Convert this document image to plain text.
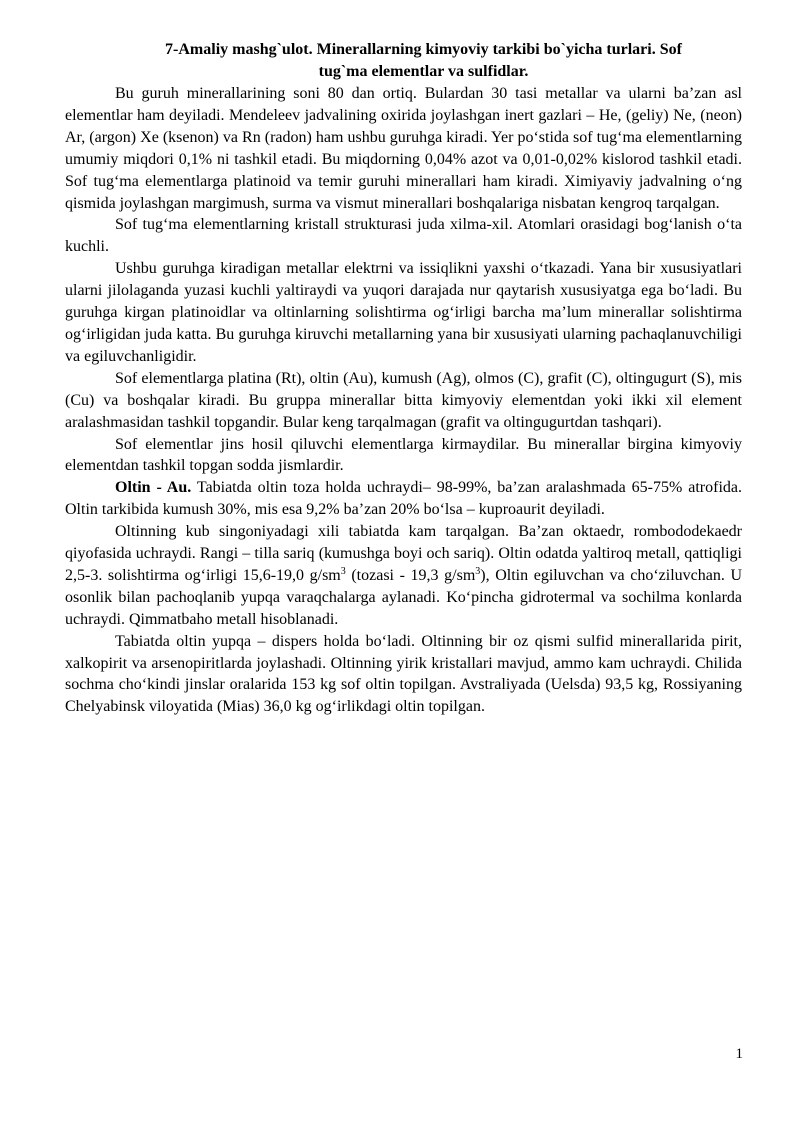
7-Amaliy mashg`ulot. Minerallarning kimyoviy tarkibi bo`yicha turlari. Sof
tug`ma elementlar va sulfidlar.

Bu guruh minerallarining soni 80 dan ortiq. Bulardan 30 tasi metallar va ularni ba’zan asl elementlar ham deyiladi. Mendeleev jadvalining oxirida joylashgan inert gazlari – He, (geliy) Ne, (neon) Ar, (argon) Xe (ksenon) va Rn (radon) ham ushbu guruhga kiradi. Yer po‘stida sof tug‘ma elementlarning umumiy miqdori 0,1% ni tashkil etadi. Bu miqdorning 0,04% azot va 0,01-0,02% kislorod tashkil etadi. Sof tug‘ma elementlarga platinoid va temir guruhi minerallari ham kiradi. Ximiyaviy jadvalning o‘ng qismida joylashgan margimush, surma va vismut minerallari boshqalariga nisbatan kengroq tarqalgan.

Sof tug‘ma elementlarning kristall strukturasi juda xilma-xil. Atomlari orasidagi bog‘lanish o‘ta kuchli.

Ushbu guruhga kiradigan metallar elektrni va issiqlikni yaxshi o‘tkazadi. Yana bir xususiyatlari ularni jilolaganda yuzasi kuchli yaltiraydi va yuqori darajada nur qaytarish xususiyatga ega bo‘ladi. Bu guruhga kirgan platinoidlar va oltinlarning solishtirma og‘irligi barcha ma’lum minerallar solishtirma og‘irligidan juda katta. Bu guruhga kiruvchi metallarning yana bir xususiyati ularning pachaqlanuvchiligi va egiluvchanligidir.

Sof elementlarga platina (Rt), oltin (Au), kumush (Ag), olmos (C), grafit (C), oltingugurt (S), mis (Cu) va boshqalar kiradi. Bu gruppa minerallar bitta kimyoviy elementdan yoki ikki xil element aralashmasidan tashkil topgandir. Bular keng tarqalmagan (grafit va oltingugurtdan tashqari).

Sof elementlar jins hosil qiluvchi elementlarga kirmaydilar. Bu minerallar birgina kimyoviy elementdan tashkil topgan sodda jismlardir.

Oltin - Au. Tabiatda oltin toza holda uchraydi– 98-99%, ba’zan aralashmada 65-75% atrofida. Oltin tarkibida kumush 30%, mis esa 9,2% ba’zan 20% bo‘lsa – kuproaurit deyiladi.

Oltinning kub singoniyadagi xili tabiatda kam tarqalgan. Ba’zan oktaedr, rombododekaedr qiyofasida uchraydi. Rangi – tilla sariq (kumushga boyi och sariq). Oltin odatda yaltiroq metall, qattiqligi 2,5-3. solishtirma og‘irligi 15,6-19,0 $g/sm^3$ (tozasi - 19,3 $g/sm^3$), Oltin egiluvchan va cho‘ziluvchan. U osonlik bilan pachoqlanib yupqa varaqchalarga aylanadi. Ko‘pincha gidrotermal va sochilma konlarda uchraydi. Qimmatbaho metall hisoblanadi.

Tabiatda oltin yupqa – dispers holda bo‘ladi. Oltinning bir oz qismi sulfid minerallarida pirit, xalkopirit va arsenopiritlarda joylashadi. Oltinning yirik kristallari mavjud, ammo kam uchraydi. Chilida sochma cho‘kindi jinslar oralarida 153 kg sof oltin topilgan. Avstraliyada (Uelsda) 93,5 kg, Rossiyaning Chelyabinsk viloyatida (Mias) 36,0 kg og‘irlikdagi oltin topilgan.

1
